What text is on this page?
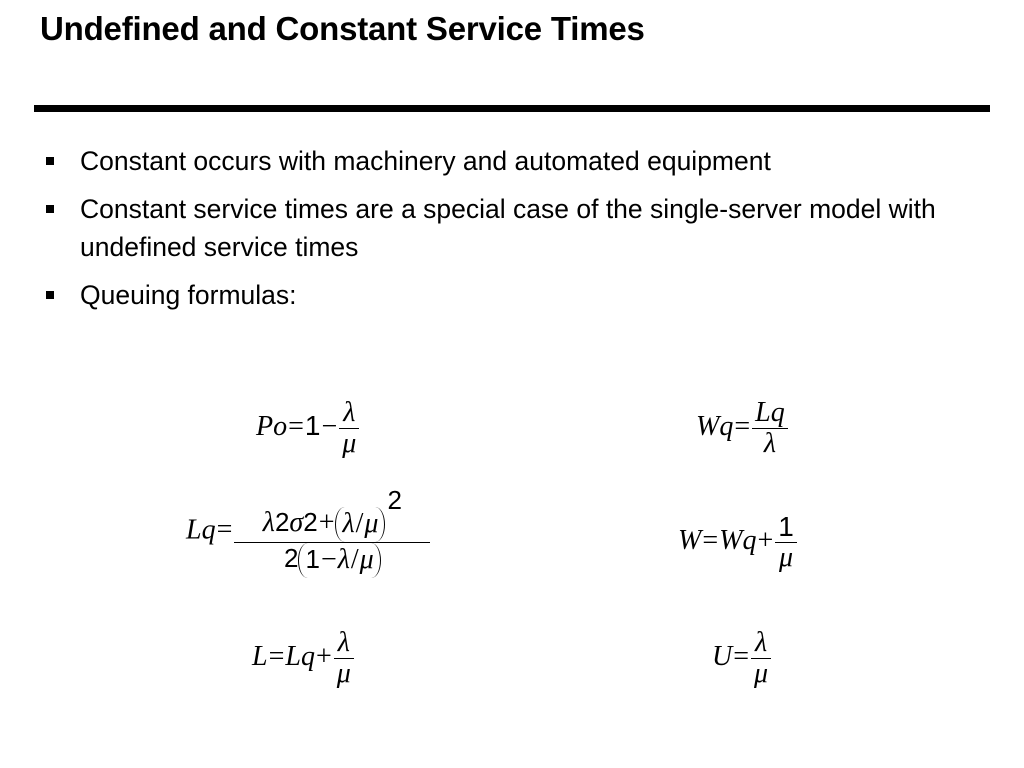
Undefined and Constant Service Times
Constant occurs with machinery and automated equipment
Constant service times are a special case of the single-server model with undefined service times
Queuing formulas:
$Po=1- \frac{\lambda}{\mu}$	$Wq= \frac{Lq}{\lambda}$
$Lq= \frac{\lambda 2\sigma 2+ \lambda/\mu 2}{2 1-\lambda/\mu}$	$W=Wq+ \frac{1}{\mu}$
$L=Lq+ \frac{\lambda}{\mu}$	$U= \frac{\lambda}{\mu}$
